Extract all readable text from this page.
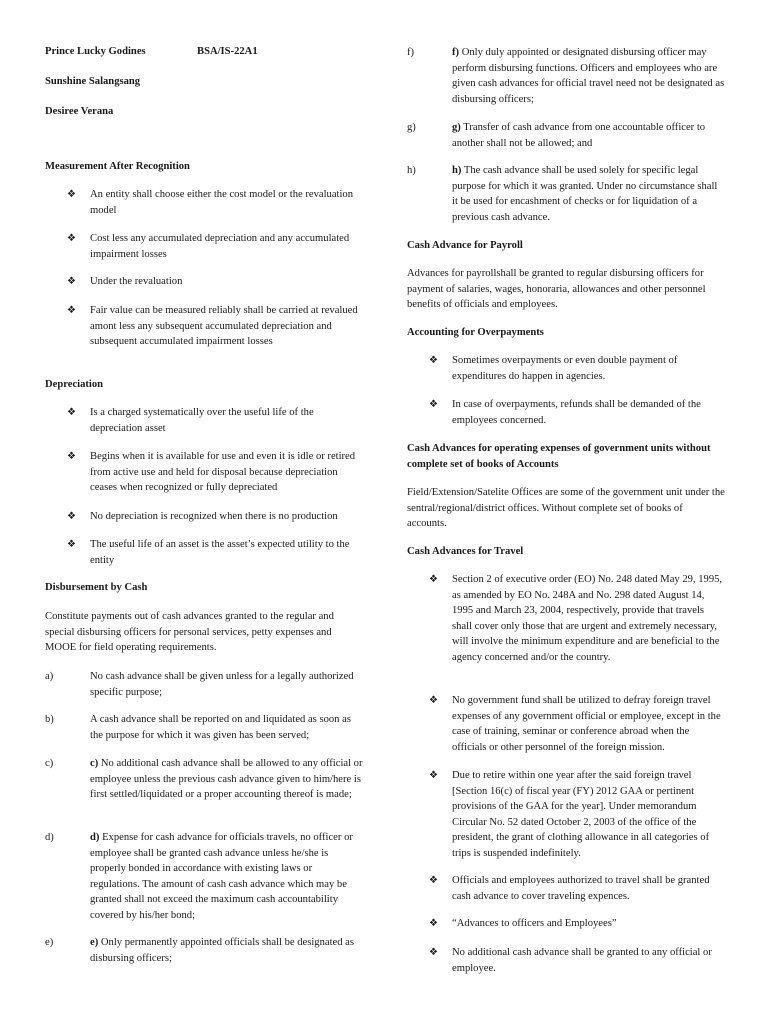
Prince Lucky Godines	BSA/IS-22A1
Sunshine Salangsang
Desiree Verana
Measurement After Recognition
❖ An entity shall choose either the cost model or the revaluation model
❖ Cost less any accumulated depreciation and any accumulated impairment losses
❖ Under the revaluation
❖ Fair value can be measured reliably shall be carried at revalued amont less any subsequent accumulated depreciation and subsequent accumulated impairment losses
Depreciation
❖ Is a charged systematically over the useful life of the depreciation asset
❖ Begins when it is available for use and even it is idle or retired from active use and held for disposal because depreciation ceases when recognized or fully depreciated
❖ No depreciation is recognized when there is no production
❖ The useful life of an asset is the asset’s expected utility to the entity
Disbursement by Cash
Constitute payments out of cash advances granted to the regular and special disbursing officers for personal services, petty expenses and MOOE for field operating requirements.
a)	No cash advance shall be given unless for a legally authorized specific purpose;
b)	A cash advance shall be reported on and liquidated as soon as the purpose for which it was given has been served;
c)	c) No additional cash advance shall be allowed to any official or employee unless the previous cash advance given to him/here is first settled/liquidated or a proper accounting thereof is made;
d)	d) Expense for cash advance for officials travels, no officer or employee shall be granted cash advance unless he/she is properly bonded in accordance with existing laws or regulations. The amount of cash cash advance which may be granted shall not exceed the maximum cash accountability covered by his/her bond;
e)	e) Only permanently appointed officials shall be designated as disbursing officers;
f)	f) Only duly appointed or designated disbursing officer may perform disbursing functions. Officers and employees who are given cash advances for official travel need not be designated as disbursing officers;
g)	g) Transfer of cash advance from one accountable officer to another shall not be allowed; and
h)	h) The cash advance shall be used solely for specific legal purpose for which it was granted. Under no circumstance shall it be used for encashment of checks or for liquidation of a previous cash advance.
Cash Advance for Payroll
Advances for payrollshall be granted to regular disbursing officers for payment of salaries, wages, honoraria, allowances and other personnel benefits of officials and employees.
Accounting for Overpayments
❖ Sometimes overpayments or even double payment of expenditures do happen in agencies.
❖ In case of overpayments, refunds shall be demanded of the employees concerned.
Cash Advances for operating expenses of government units without complete set of books of Accounts
Field/Extension/Satelite Offices are some of the government unit under the sentral/regional/district offices. Without complete set of books of accounts.
Cash Advances for Travel
❖ Section 2 of executive order (EO) No. 248 dated May 29, 1995, as amended by EO No. 248A and No. 298 dated August 14, 1995 and March 23, 2004, respectively, provide that travels shall cover only those that are urgent and extremely necessary, will involve the minimum expenditure and are beneficial to the agency concerned and/or the country.
❖ No government fund shall be utilized to defray foreign travel expenses of any government official or employee, except in the case of training, seminar or conference abroad when the officials or other personnel of the foreign mission.
❖ Due to retire within one year after the said foreign travel [Section 16(c) of fiscal year (FY) 2012 GAA or pertinent provisions of the GAA for the year]. Under memorandum Circular No. 52 dated October 2, 2003 of the office of the president, the grant of clothing allowance in all categories of trips is suspended indefinitely.
❖ Officials and employees authorized to travel shall be granted cash advance to cover traveling expences.
❖ “Advances to officers and Employees”
❖ No additional cash advance shall be granted to any official or employee.
